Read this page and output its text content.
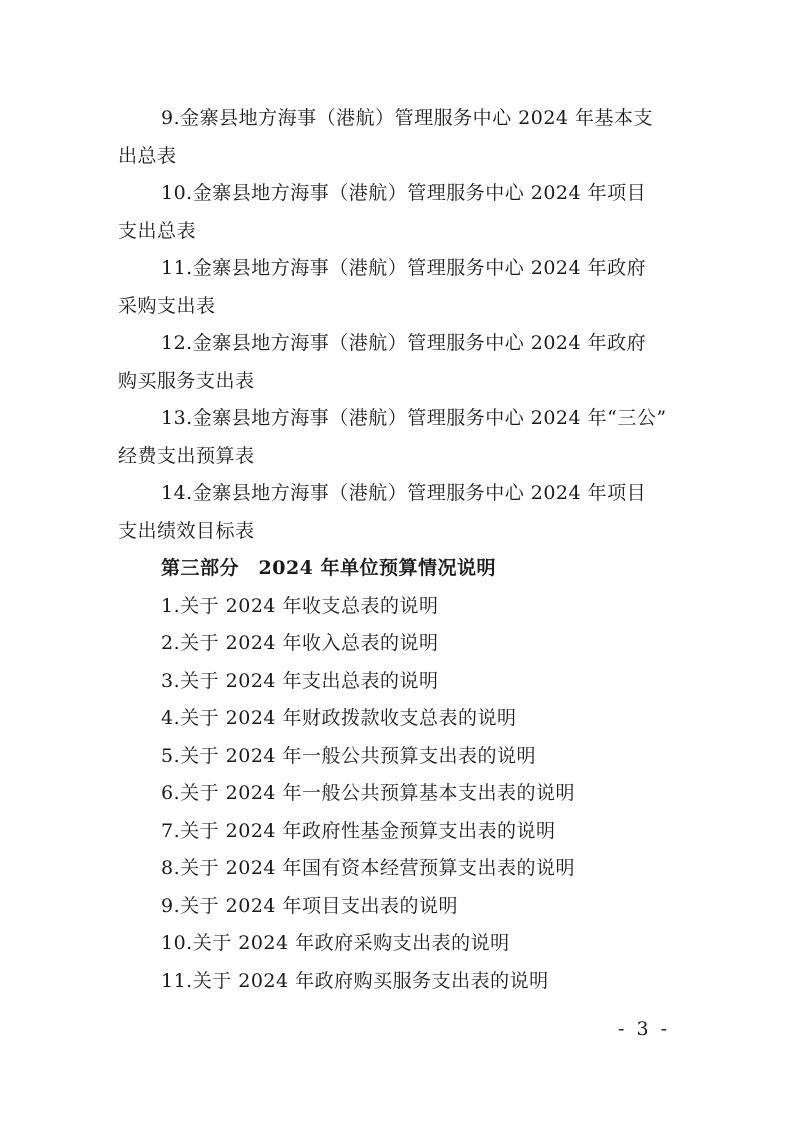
9.金寨县地方海事（港航）管理服务中心 2024 年基本支
出总表
10.金寨县地方海事（港航）管理服务中心 2024 年项目
支出总表
11.金寨县地方海事（港航）管理服务中心 2024 年政府
采购支出表
12.金寨县地方海事（港航）管理服务中心 2024 年政府
购买服务支出表
13.金寨县地方海事（港航）管理服务中心 2024 年“三公”
经费支出预算表
14.金寨县地方海事（港航）管理服务中心 2024 年项目
支出绩效目标表
第三部分　2024 年单位预算情况说明
1.关于 2024 年收支总表的说明
2.关于 2024 年收入总表的说明
3.关于 2024 年支出总表的说明
4.关于 2024 年财政拨款收支总表的说明
5.关于 2024 年一般公共预算支出表的说明
6.关于 2024 年一般公共预算基本支出表的说明
7.关于 2024 年政府性基金预算支出表的说明
8.关于 2024 年国有资本经营预算支出表的说明
9.关于 2024 年项目支出表的说明
10.关于 2024 年政府采购支出表的说明
11.关于 2024 年政府购买服务支出表的说明
- 3 -
